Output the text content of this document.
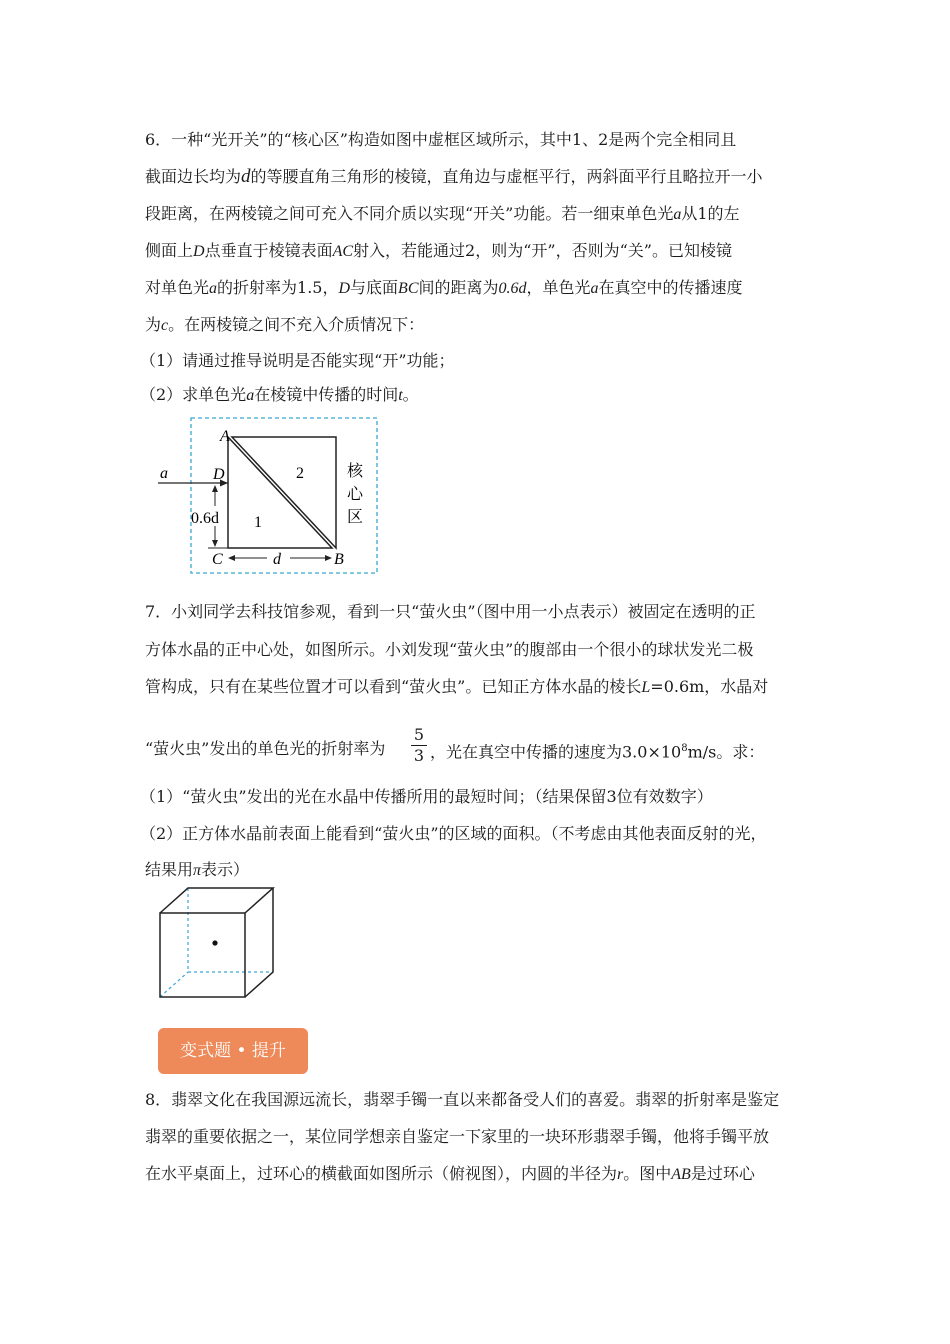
6．一种“光开关”的“核心区”构造如图中虚框区域所示，其中1、2是两个完全相同且
截面边长均为d的等腰直角三角形的棱镜，直角边与虚框平行，两斜面平行且略拉开一小
段距离，在两棱镜之间可充入不同介质以实现“开关”功能。若一细束单色光a从1的左
侧面上D点垂直于棱镜表面AC射入，若能通过2，则为“开”，否则为“关”。已知棱镜
对单色光a的折射率为1.5，D与底面BC间的距离为0.6d，单色光a在真空中的传播速度
为c。在两棱镜之间不充入介质情况下：
（1）请通过推导说明是否能实现“开”功能；
（2）求单色光a在棱镜中传播的时间t。
A
B
C
D
a
1
2
d
0.6d
核
心
区
7．小刘同学去科技馆参观，看到一只“萤火虫”（图中用一小点表示）被固定在透明的正
方体水晶的正中心处，如图所示。小刘发现“萤火虫”的腹部由一个很小的球状发光二极
管构成，只有在某些位置才可以看到“萤火虫”。已知正方体水晶的棱长L=0.6m，水晶对
“萤火虫”发出的单色光的折射率为
5
3 ，光在真空中传播的速度为$3.0\times 10^8m/s$。求：
（1）“萤火虫”发出的光在水晶中传播所用的最短时间；（结果保留3位有效数字）
（2）正方体水晶前表面上能看到“萤火虫”的区域的面积。（不考虑由其他表面反射的光，
结果用π表示）
变式题 • 提升
8．翡翠文化在我国源远流长，翡翠手镯一直以来都备受人们的喜爱。翡翠的折射率是鉴定
翡翠的重要依据之一，某位同学想亲自鉴定一下家里的一块环形翡翠手镯，他将手镯平放
在水平桌面上，过环心的横截面如图所示（俯视图），内圆的半径为r。图中AB是过环心
